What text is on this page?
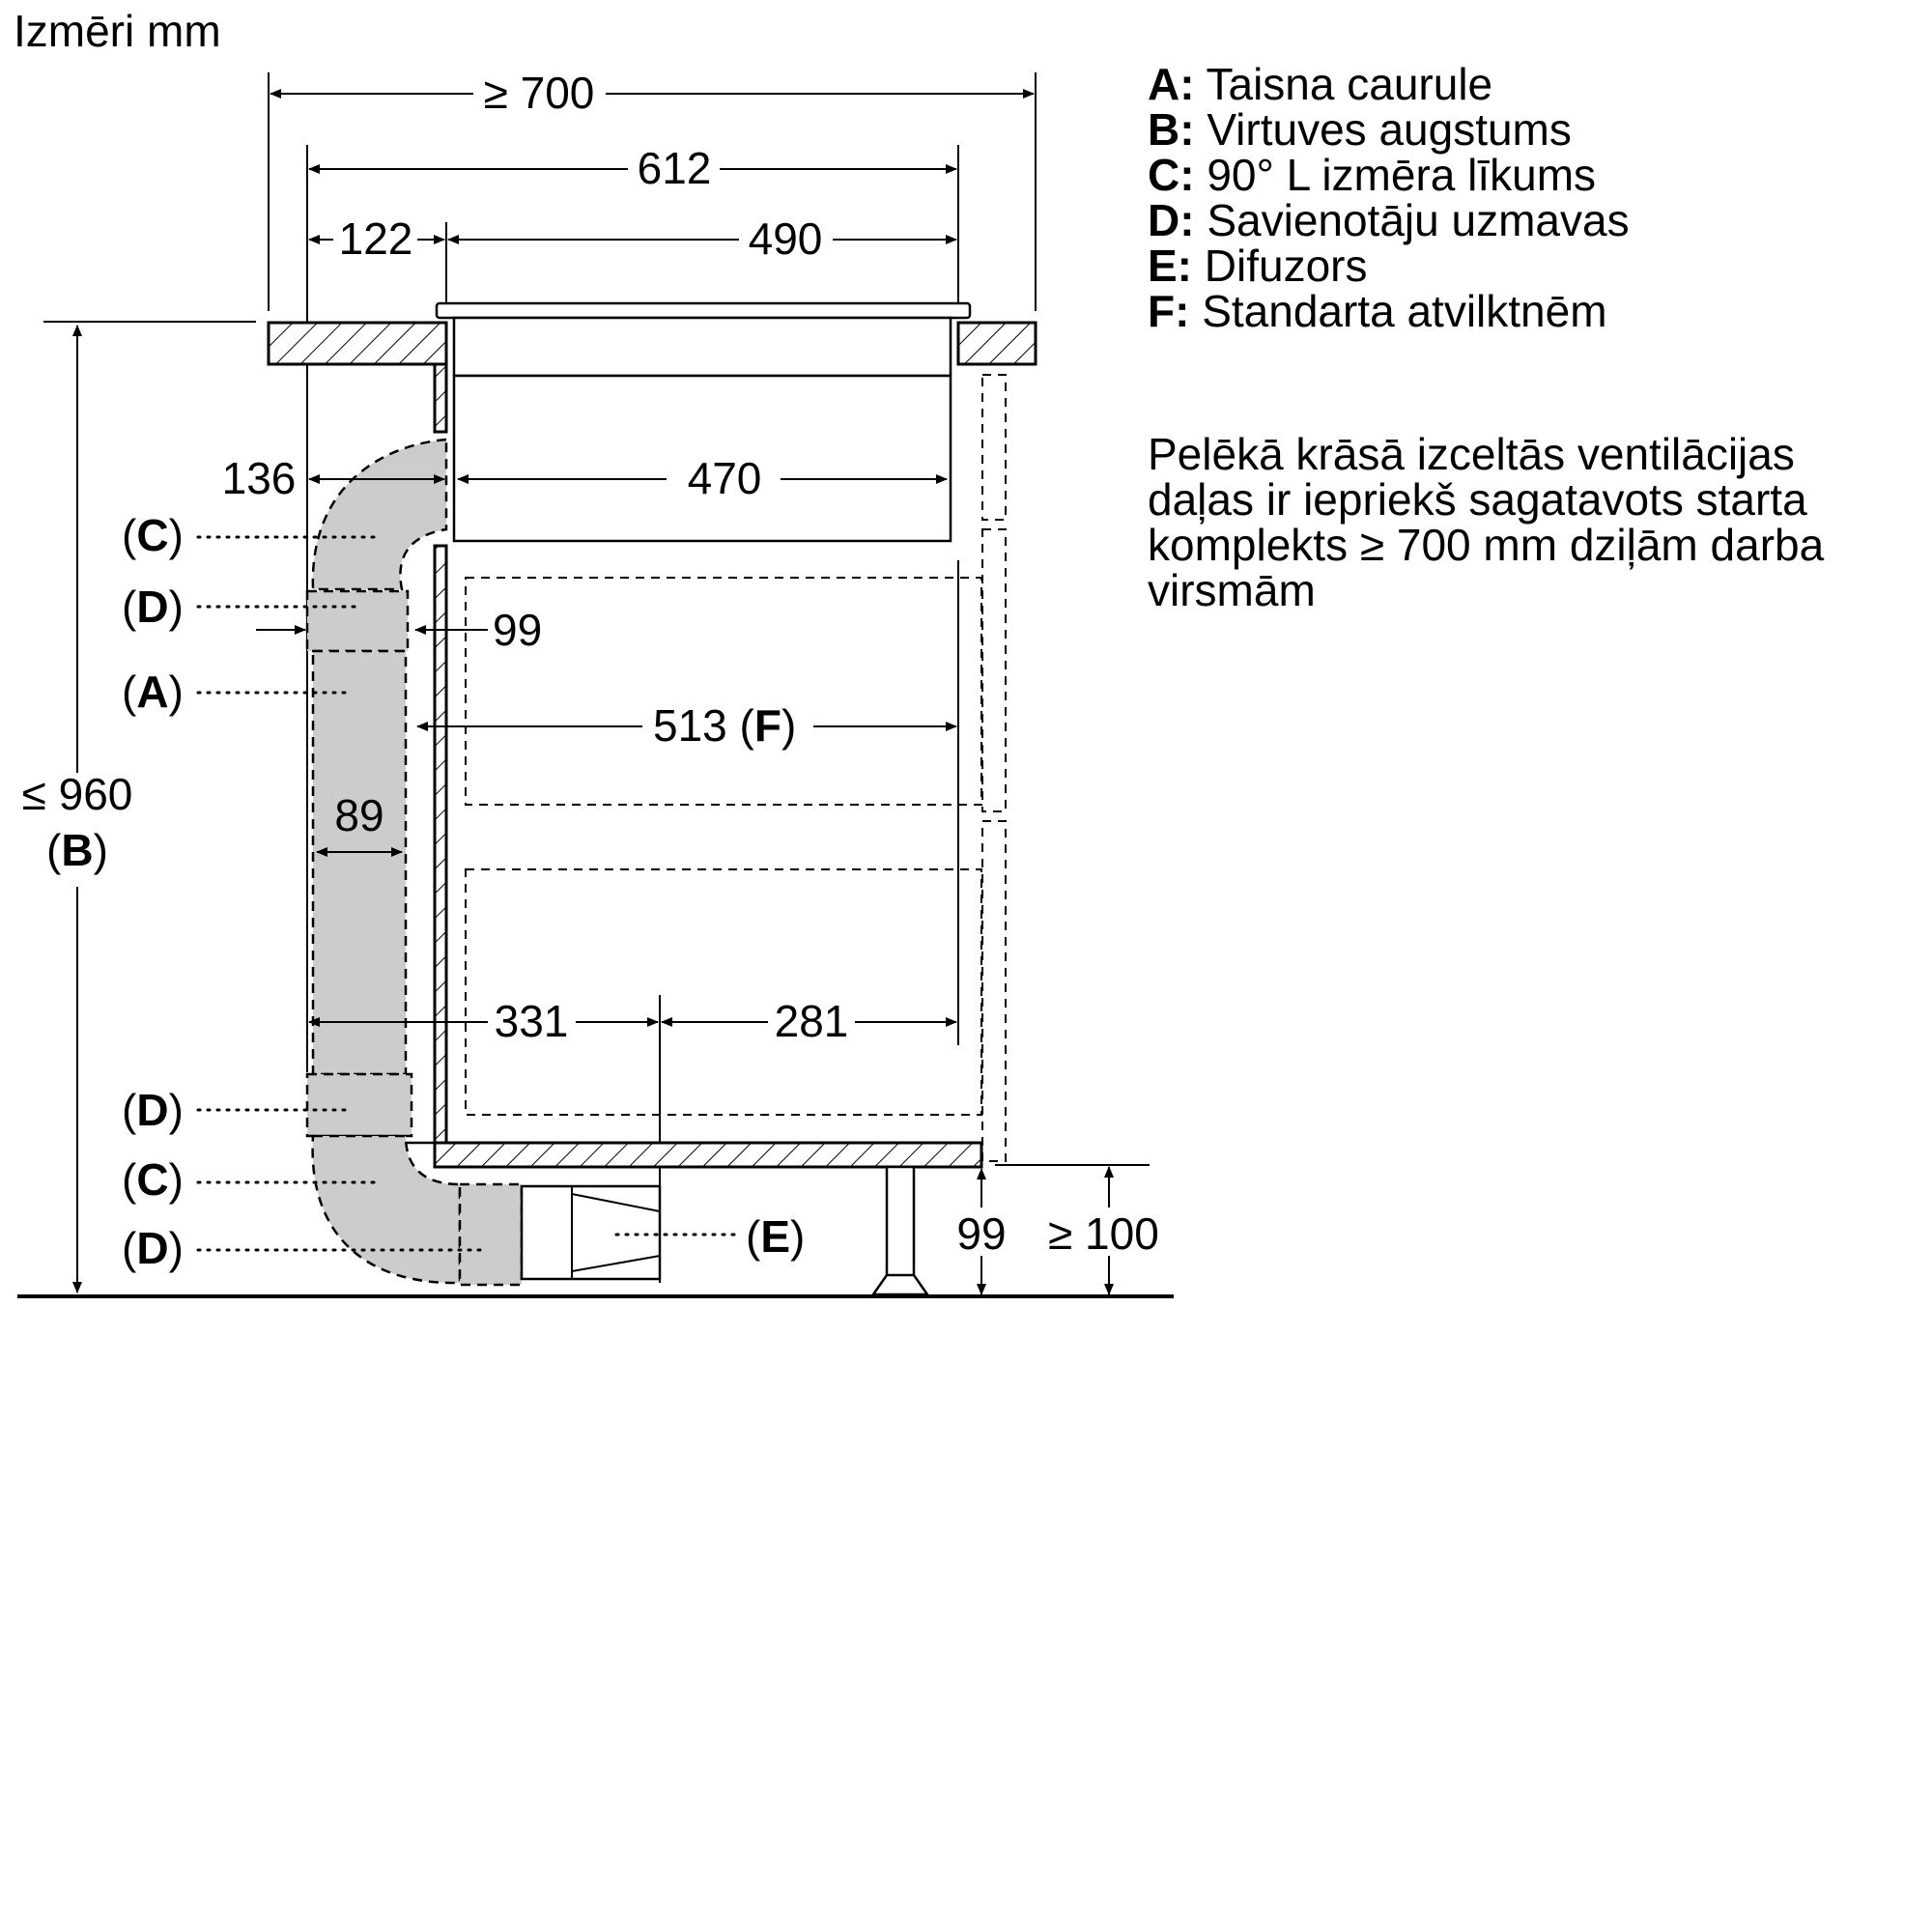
Izmēri mm
≥ 700
612
122	490
136	470
99
513 (F)
89
≤ 960
(B)
331	281
99 ≥ 100
(C)
(D)
(A)
(D)
(C)
(D)	(E)
A: Taisna caurule
B: Virtuves augstums
C: 90° L izmēra līkums
D: Savienotāju uzmavas
E: Difuzors
F: Standarta atvilktnēm
Pelēkā krāsā izceltās ventilācijas daļas ir iepriekš sagatavots starta komplekts ≥ 700 mm dziļām darba virsmām
